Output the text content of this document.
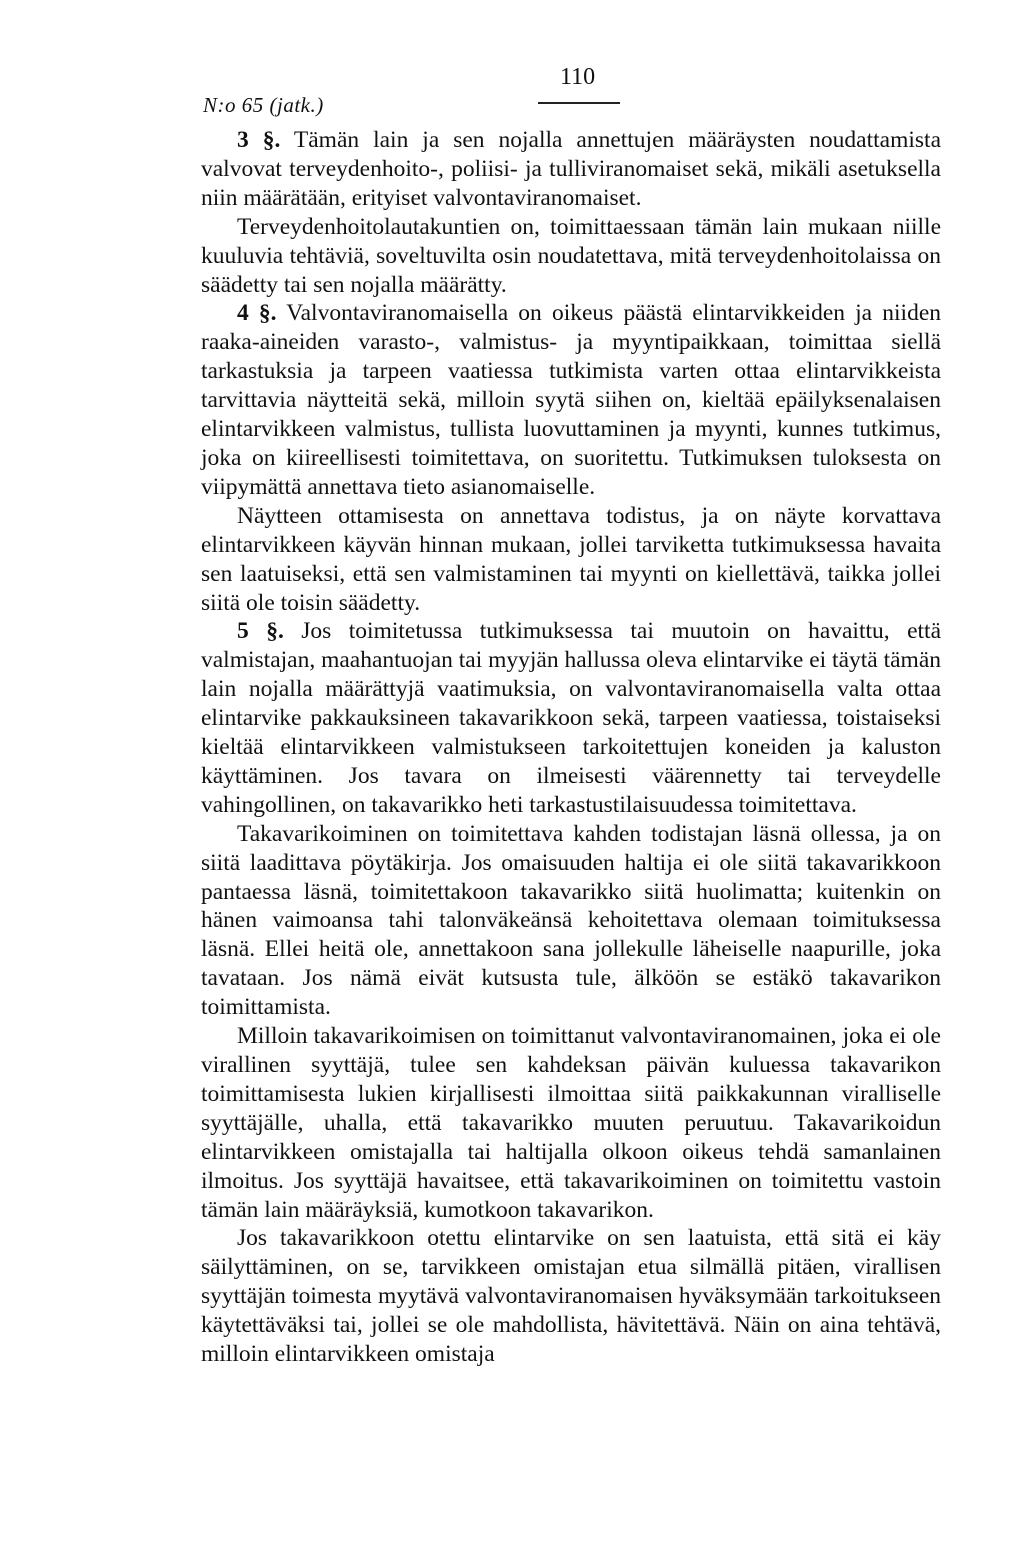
N:o 65 (jatk.)
110

3 §. Tämän lain ja sen nojalla annettujen määräysten noudattamista valvovat terveydenhoito-, poliisi- ja tulliviranomaiset sekä, mikäli asetuksella niin määrätään, erityiset valvontaviranomaiset.

Terveydenhoitolautakuntien on, toimittaessaan tämän lain mukaan niille kuuluvia tehtäviä, soveltuvilta osin noudatettava, mitä terveydenhoitolaissa on säädetty tai sen nojalla määrätty.

4 §. Valvontaviranomaisella on oikeus päästä elintarvikkeiden ja niiden raaka-aineiden varasto-, valmistus- ja myyntipaikkaan, toimittaa siellä tarkastuksia ja tarpeen vaatiessa tutkimista varten ottaa elintarvikkeista tarvittavia näytteitä sekä, milloin syytä siihen on, kieltää epäilyksenalaisen elintarvikkeen valmistus, tullista luovuttaminen ja myynti, kunnes tutkimus, joka on kiireellisesti toimitettava, on suoritettu. Tutkimuksen tuloksesta on viipymättä annettava tieto asianomaiselle.

Näytteen ottamisesta on annettava todistus, ja on näyte korvattava elintarvikkeen käyvän hinnan mukaan, jollei tarviketta tutkimuksessa havaita sen laatuiseksi, että sen valmistaminen tai myynti on kiellettävä, taikka jollei siitä ole toisin säädetty.

5 §. Jos toimitetussa tutkimuksessa tai muutoin on havaittu, että valmistajan, maahantuojan tai myyjän hallussa oleva elintarvike ei täytä tämän lain nojalla määrättyjä vaatimuksia, on valvontaviranomaisella valta ottaa elintarvike pakkauksineen takavarikkoon sekä, tarpeen vaatiessa, toistaiseksi kieltää elintarvikkeen valmistukseen tarkoitettujen koneiden ja kaluston käyttäminen. Jos tavara on ilmeisesti väärennetty tai terveydelle vahingollinen, on takavarikko heti tarkastustilaisuudessa toimitettava.

Takavarikoiminen on toimitettava kahden todistajan läsnä ollessa, ja on siitä laadittava pöytäkirja. Jos omaisuuden haltija ei ole siitä takavarikkoon pantaessa läsnä, toimitettakoon takavarikko siitä huolimatta; kuitenkin on hänen vaimoansa tahi talonväkeänsä kehoitettava olemaan toimituksessa läsnä. Ellei heitä ole, annettakoon sana jollekulle läheiselle naapurille, joka tavataan. Jos nämä eivät kutsusta tule, älköön se estäkö takavarikon toimittamista.

Milloin takavarikoimisen on toimittanut valvontaviranomainen, joka ei ole virallinen syyttäjä, tulee sen kahdeksan päivän kuluessa takavarikon toimittamisesta lukien kirjallisesti ilmoittaa siitä paikkakunnan viralliselle syyttäjälle, uhalla, että takavarikko muuten peruutuu. Takavarikoidun elintarvikkeen omistajalla tai haltijalla olkoon oikeus tehdä samanlainen ilmoitus. Jos syyttäjä havaitsee, että takavarikoiminen on toimitettu vastoin tämän lain määräyksiä, kumotkoon takavarikon.

Jos takavarikkoon otettu elintarvike on sen laatuista, että sitä ei käy säilyttäminen, on se, tarvikkeen omistajan etua silmällä pitäen, virallisen syyttäjän toimesta myytävä valvontaviranomaisen hyväksymään tarkoitukseen käytettäväksi tai, jollei se ole mahdollista, hävitettävä. Näin on aina tehtävä, milloin elintarvikkeen omistaja
